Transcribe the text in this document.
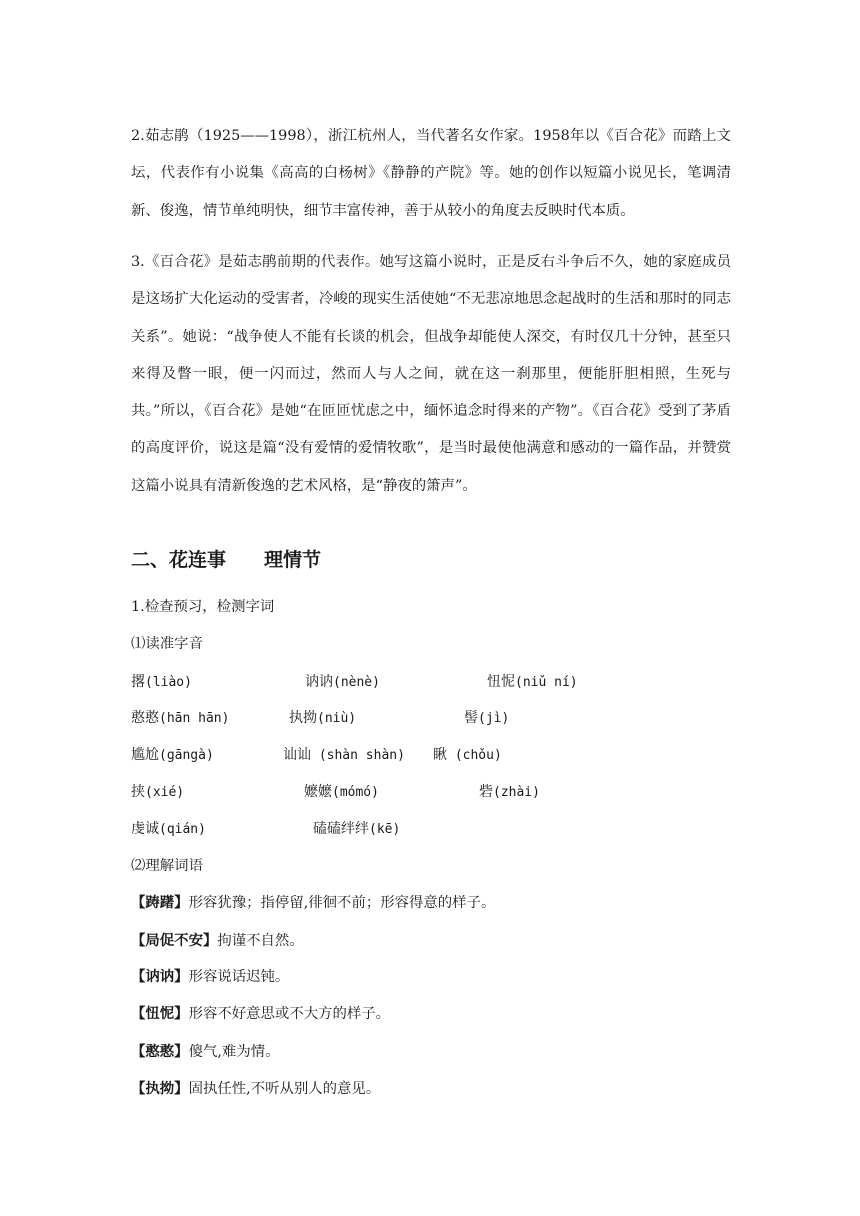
2.茹志鹃（1925——1998），浙江杭州人，当代著名女作家。1958年以《百合花》而踏上文坛，代表作有小说集《高高的白杨树》《静静的产院》等。她的创作以短篇小说见长，笔调清新、俊逸，情节单纯明快，细节丰富传神，善于从较小的角度去反映时代本质。

3.《百合花》是茹志鹃前期的代表作。她写这篇小说时，正是反右斗争后不久，她的家庭成员是这场扩大化运动的受害者，冷峻的现实生活使她“不无悲凉地思念起战时的生活和那时的同志关系”。她说：“战争使人不能有长谈的机会，但战争却能使人深交，有时仅几十分钟，甚至只来得及瞥一眼，便一闪而过，然而人与人之间，就在这一刹那里，便能肝胆相照，生死与共。”所以，《百合花》是她“在匝匝忧虑之中，缅怀追念时得来的产物”。《百合花》受到了茅盾的高度评价，说这是篇“没有爱情的爱情牧歌”，是当时最使他满意和感动的一篇作品，并赞赏这篇小说具有清新俊逸的艺术风格，是“静夜的箫声”。

二、花连事　　理情节

1.检查预习，检测字词

⑴读准字音

撂(liào)	讷讷(nènè)	忸怩(niǔ ní)
憨憨(hān hān)	执拗(niù)	髻(jì)
尴尬(gāngà)	讪讪 (shàn shàn) 瞅 (chǒu)
挟(xié)	嬷嬷(mómó)	砦(zhài)
虔诚(qián)	磕磕绊绊(kē)

⑵理解词语

【踌躇】形容犹豫；指停留,徘徊不前；形容得意的样子。

【局促不安】拘谨不自然。

【讷讷】形容说话迟钝。

【忸怩】形容不好意思或不大方的样子。

【憨憨】傻气,难为情。

【执拗】固执任性,不听从别人的意见。
